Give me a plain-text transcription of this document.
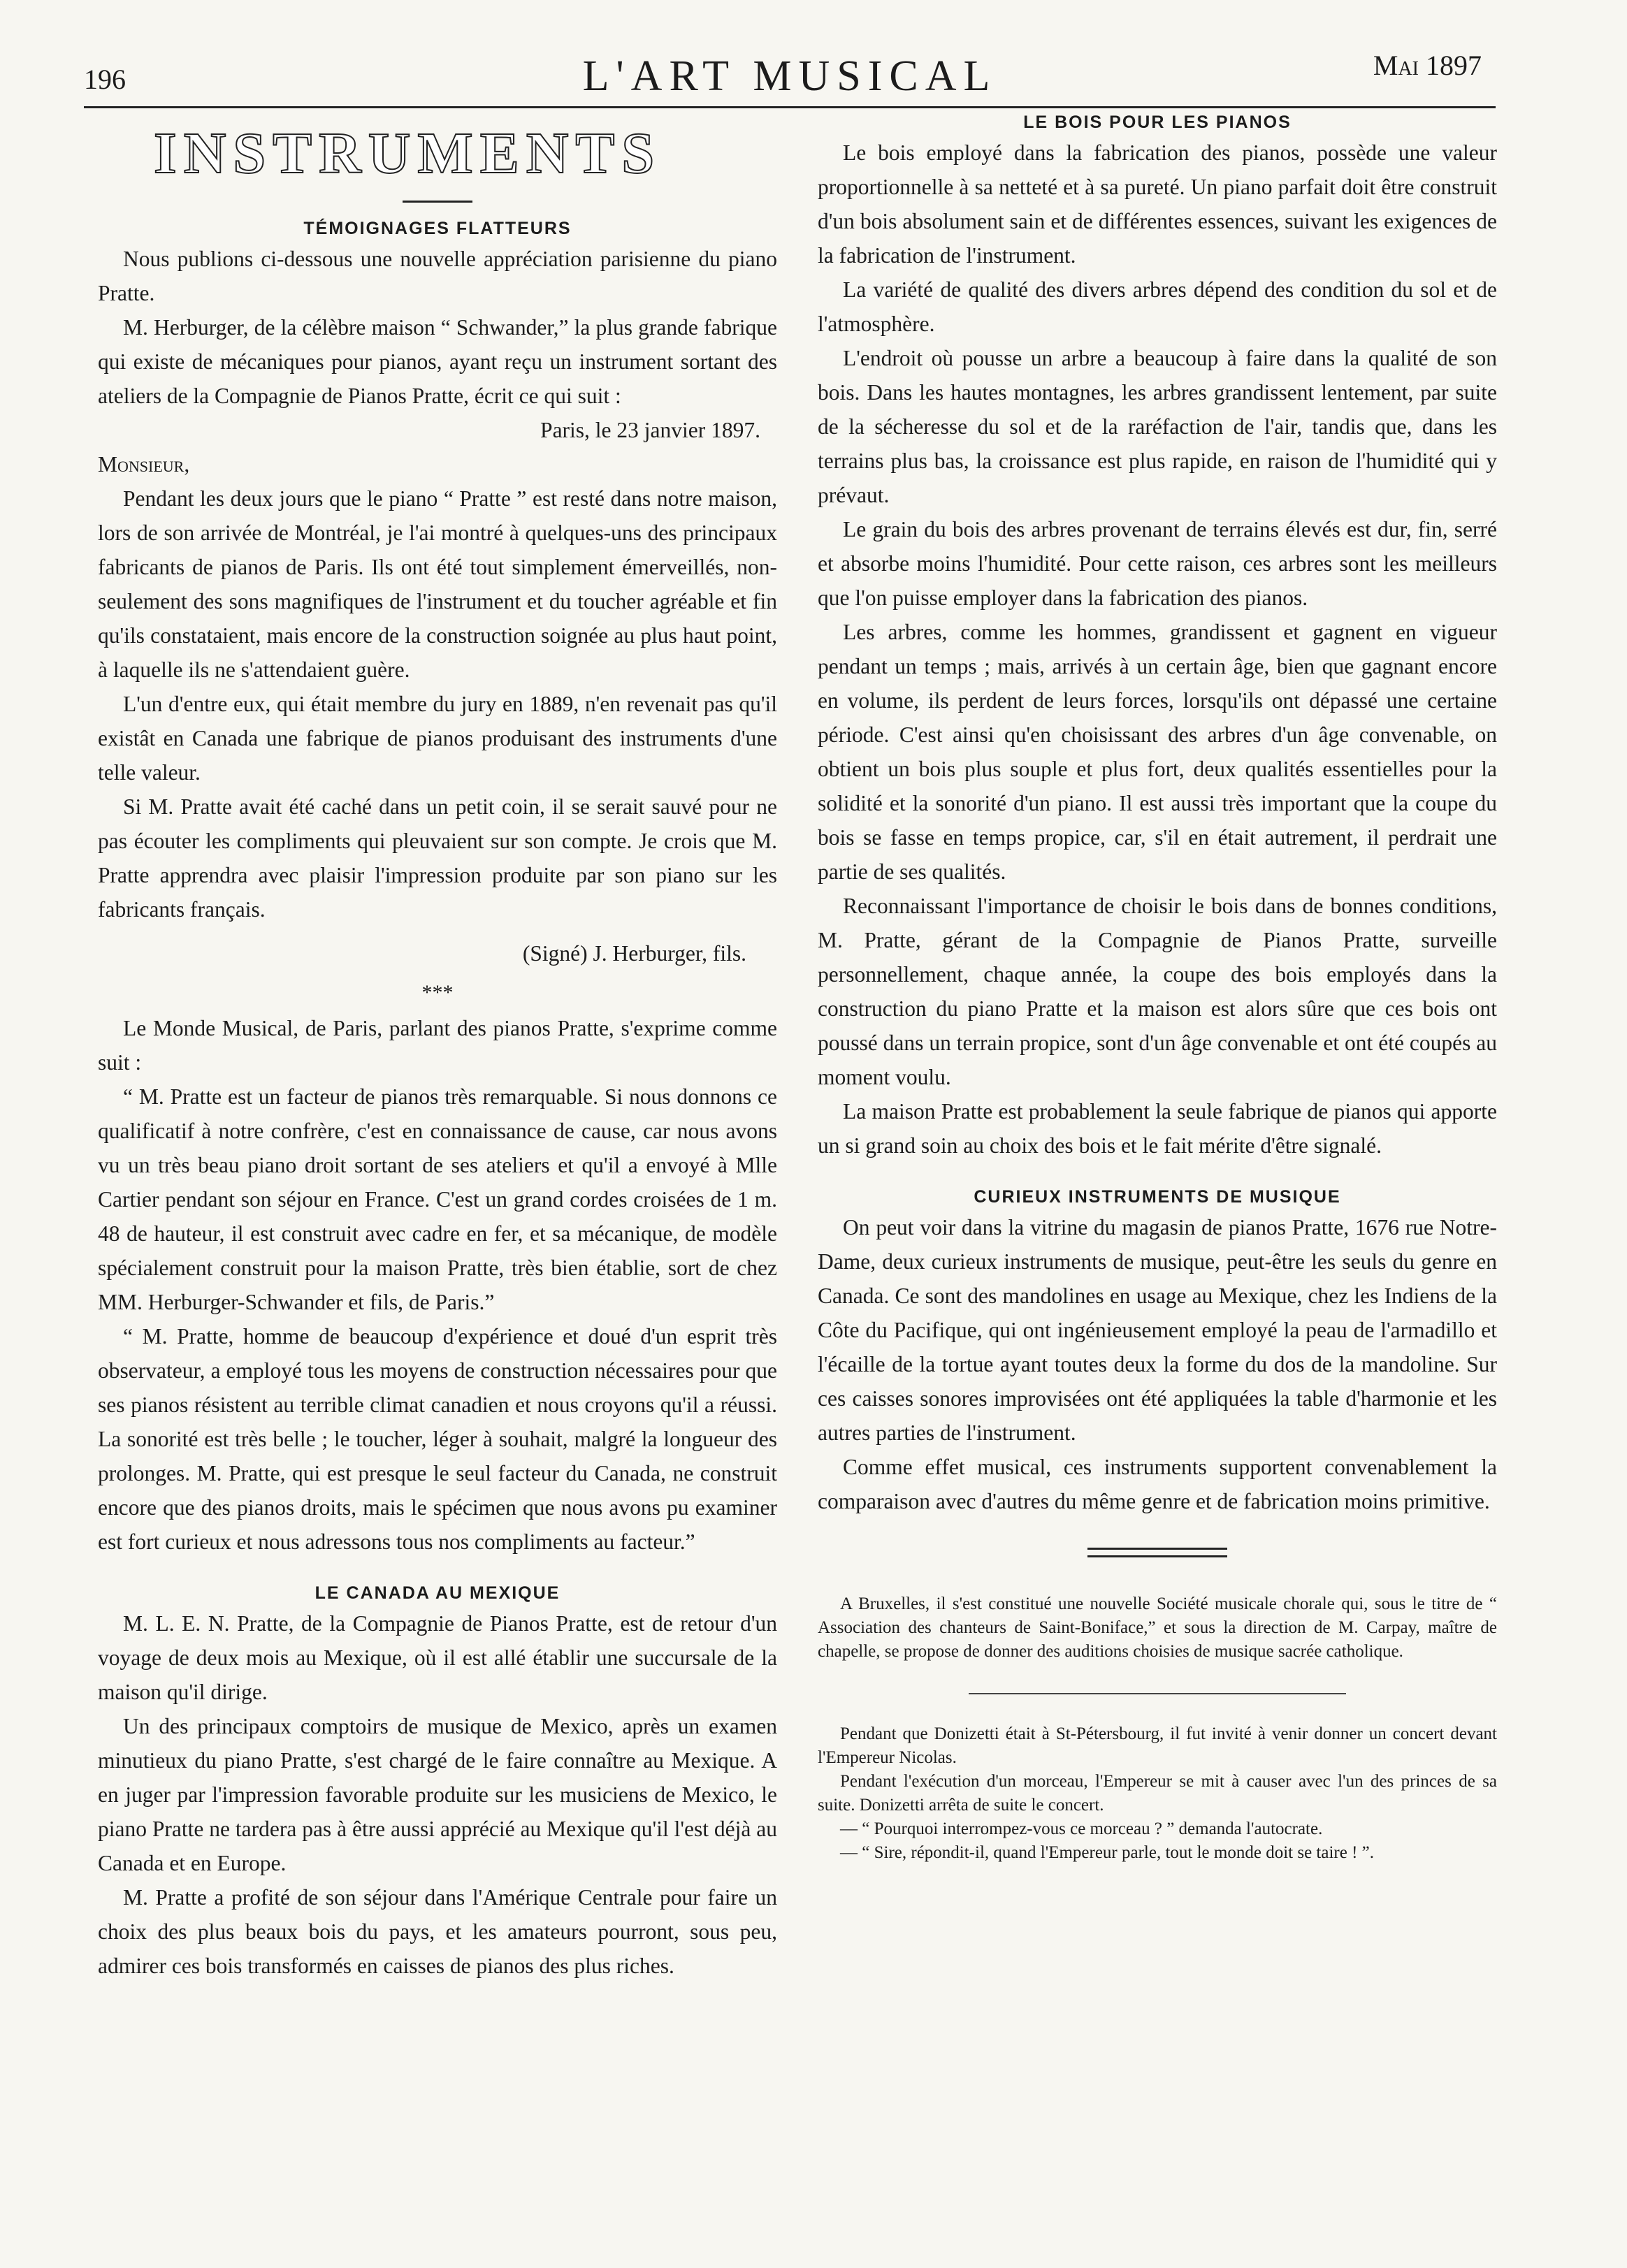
196	L'ART MUSICAL	Mai 1897
INSTRUMENTS
TÉMOIGNAGES FLATTEURS

Nous publions ci-dessous une nouvelle appréciation parisienne du piano Pratte.

M. Herburger, de la célèbre maison “ Schwander,” la plus grande fabrique qui existe de mécaniques pour pianos, ayant reçu un instrument sortant des ateliers de la Compagnie de Pianos Pratte, écrit ce qui suit :

Paris, le 23 janvier 1897.

Monsieur,

Pendant les deux jours que le piano “ Pratte ” est resté dans notre maison, lors de son arrivée de Montréal, je l'ai montré à quelques-uns des principaux fabricants de pianos de Paris. Ils ont été tout simplement émerveillés, non-seulement des sons magnifiques de l'instrument et du toucher agréable et fin qu'ils constataient, mais encore de la construction soignée au plus haut point, à laquelle ils ne s'attendaient guère.

L'un d'entre eux, qui était membre du jury en 1889, n'en revenait pas qu'il existât en Canada une fabrique de pianos produisant des instruments d'une telle valeur.

Si M. Pratte avait été caché dans un petit coin, il se serait sauvé pour ne pas écouter les compliments qui pleuvaient sur son compte. Je crois que M. Pratte apprendra avec plaisir l'impression produite par son piano sur les fabricants français.

(Signé) J. Herburger, fils.
***

Le Monde Musical, de Paris, parlant des pianos Pratte, s'exprime comme suit :

“ M. Pratte est un facteur de pianos très remarquable. Si nous donnons ce qualificatif à notre confrère, c'est en connaissance de cause, car nous avons vu un très beau piano droit sortant de ses ateliers et qu'il a envoyé à Mlle Cartier pendant son séjour en France. C'est un grand cordes croisées de 1 m. 48 de hauteur, il est construit avec cadre en fer, et sa mécanique, de modèle spécialement construit pour la maison Pratte, très bien établie, sort de chez MM. Herburger-Schwander et fils, de Paris.”

“ M. Pratte, homme de beaucoup d'expérience et doué d'un esprit très observateur, a employé tous les moyens de construction nécessaires pour que ses pianos résistent au terrible climat canadien et nous croyons qu'il a réussi. La sonorité est très belle ; le toucher, léger à souhait, malgré la longueur des prolonges. M. Pratte, qui est presque le seul facteur du Canada, ne construit encore que des pianos droits, mais le spécimen que nous avons pu examiner est fort curieux et nous adressons tous nos compliments au facteur.”

LE CANADA AU MEXIQUE

M. L. E. N. Pratte, de la Compagnie de Pianos Pratte, est de retour d'un voyage de deux mois au Mexique, où il est allé établir une succursale de la maison qu'il dirige.

Un des principaux comptoirs de musique de Mexico, après un examen minutieux du piano Pratte, s'est chargé de le faire connaître au Mexique. A en juger par l'impression favorable produite sur les musiciens de Mexico, le piano Pratte ne tardera pas à être aussi apprécié au Mexique qu'il l'est déjà au Canada et en Europe.

M. Pratte a profité de son séjour dans l'Amérique Centrale pour faire un choix des plus beaux bois du pays, et les amateurs pourront, sous peu, admirer ces bois transformés en caisses de pianos des plus riches.

LE BOIS POUR LES PIANOS

Le bois employé dans la fabrication des pianos, possède une valeur proportionnelle à sa netteté et à sa pureté. Un piano parfait doit être construit d'un bois absolument sain et de différentes essences, suivant les exigences de la fabrication de l'instrument.

La variété de qualité des divers arbres dépend des condition du sol et de l'atmosphère.

L'endroit où pousse un arbre a beaucoup à faire dans la qualité de son bois. Dans les hautes montagnes, les arbres grandissent lentement, par suite de la sécheresse du sol et de la raréfaction de l'air, tandis que, dans les terrains plus bas, la croissance est plus rapide, en raison de l'humidité qui y prévaut.

Le grain du bois des arbres provenant de terrains élevés est dur, fin, serré et absorbe moins l'humidité. Pour cette raison, ces arbres sont les meilleurs que l'on puisse employer dans la fabrication des pianos.

Les arbres, comme les hommes, grandissent et gagnent en vigueur pendant un temps ; mais, arrivés à un certain âge, bien que gagnant encore en volume, ils perdent de leurs forces, lorsqu'ils ont dépassé une certaine période. C'est ainsi qu'en choisissant des arbres d'un âge convenable, on obtient un bois plus souple et plus fort, deux qualités essentielles pour la solidité et la sonorité d'un piano. Il est aussi très important que la coupe du bois se fasse en temps propice, car, s'il en était autrement, il perdrait une partie de ses qualités.

Reconnaissant l'importance de choisir le bois dans de bonnes conditions, M. Pratte, gérant de la Compagnie de Pianos Pratte, surveille personnellement, chaque année, la coupe des bois employés dans la construction du piano Pratte et la maison est alors sûre que ces bois ont poussé dans un terrain propice, sont d'un âge convenable et ont été coupés au moment voulu.

La maison Pratte est probablement la seule fabrique de pianos qui apporte un si grand soin au choix des bois et le fait mérite d'être signalé.

CURIEUX INSTRUMENTS DE MUSIQUE

On peut voir dans la vitrine du magasin de pianos Pratte, 1676 rue Notre-Dame, deux curieux instruments de musique, peut-être les seuls du genre en Canada. Ce sont des mandolines en usage au Mexique, chez les Indiens de la Côte du Pacifique, qui ont ingénieusement employé la peau de l'armadillo et l'écaille de la tortue ayant toutes deux la forme du dos de la mandoline. Sur ces caisses sonores improvisées ont été appliquées la table d'harmonie et les autres parties de l'instrument.

Comme effet musical, ces instruments supportent convenablement la comparaison avec d'autres du même genre et de fabrication moins primitive.

A Bruxelles, il s'est constitué une nouvelle Société musicale chorale qui, sous le titre de “ Association des chanteurs de Saint-Boniface,” et sous la direction de M. Carpay, maître de chapelle, se propose de donner des auditions choisies de musique sacrée catholique.

Pendant que Donizetti était à St-Pétersbourg, il fut invité à venir donner un concert devant l'Empereur Nicolas.

Pendant l'exécution d'un morceau, l'Empereur se mit à causer avec l'un des princes de sa suite. Donizetti arrêta de suite le concert.

— “ Pourquoi interrompez-vous ce morceau ? ” demanda l'autocrate.

— “ Sire, répondit-il, quand l'Empereur parle, tout le monde doit se taire ! ”.
